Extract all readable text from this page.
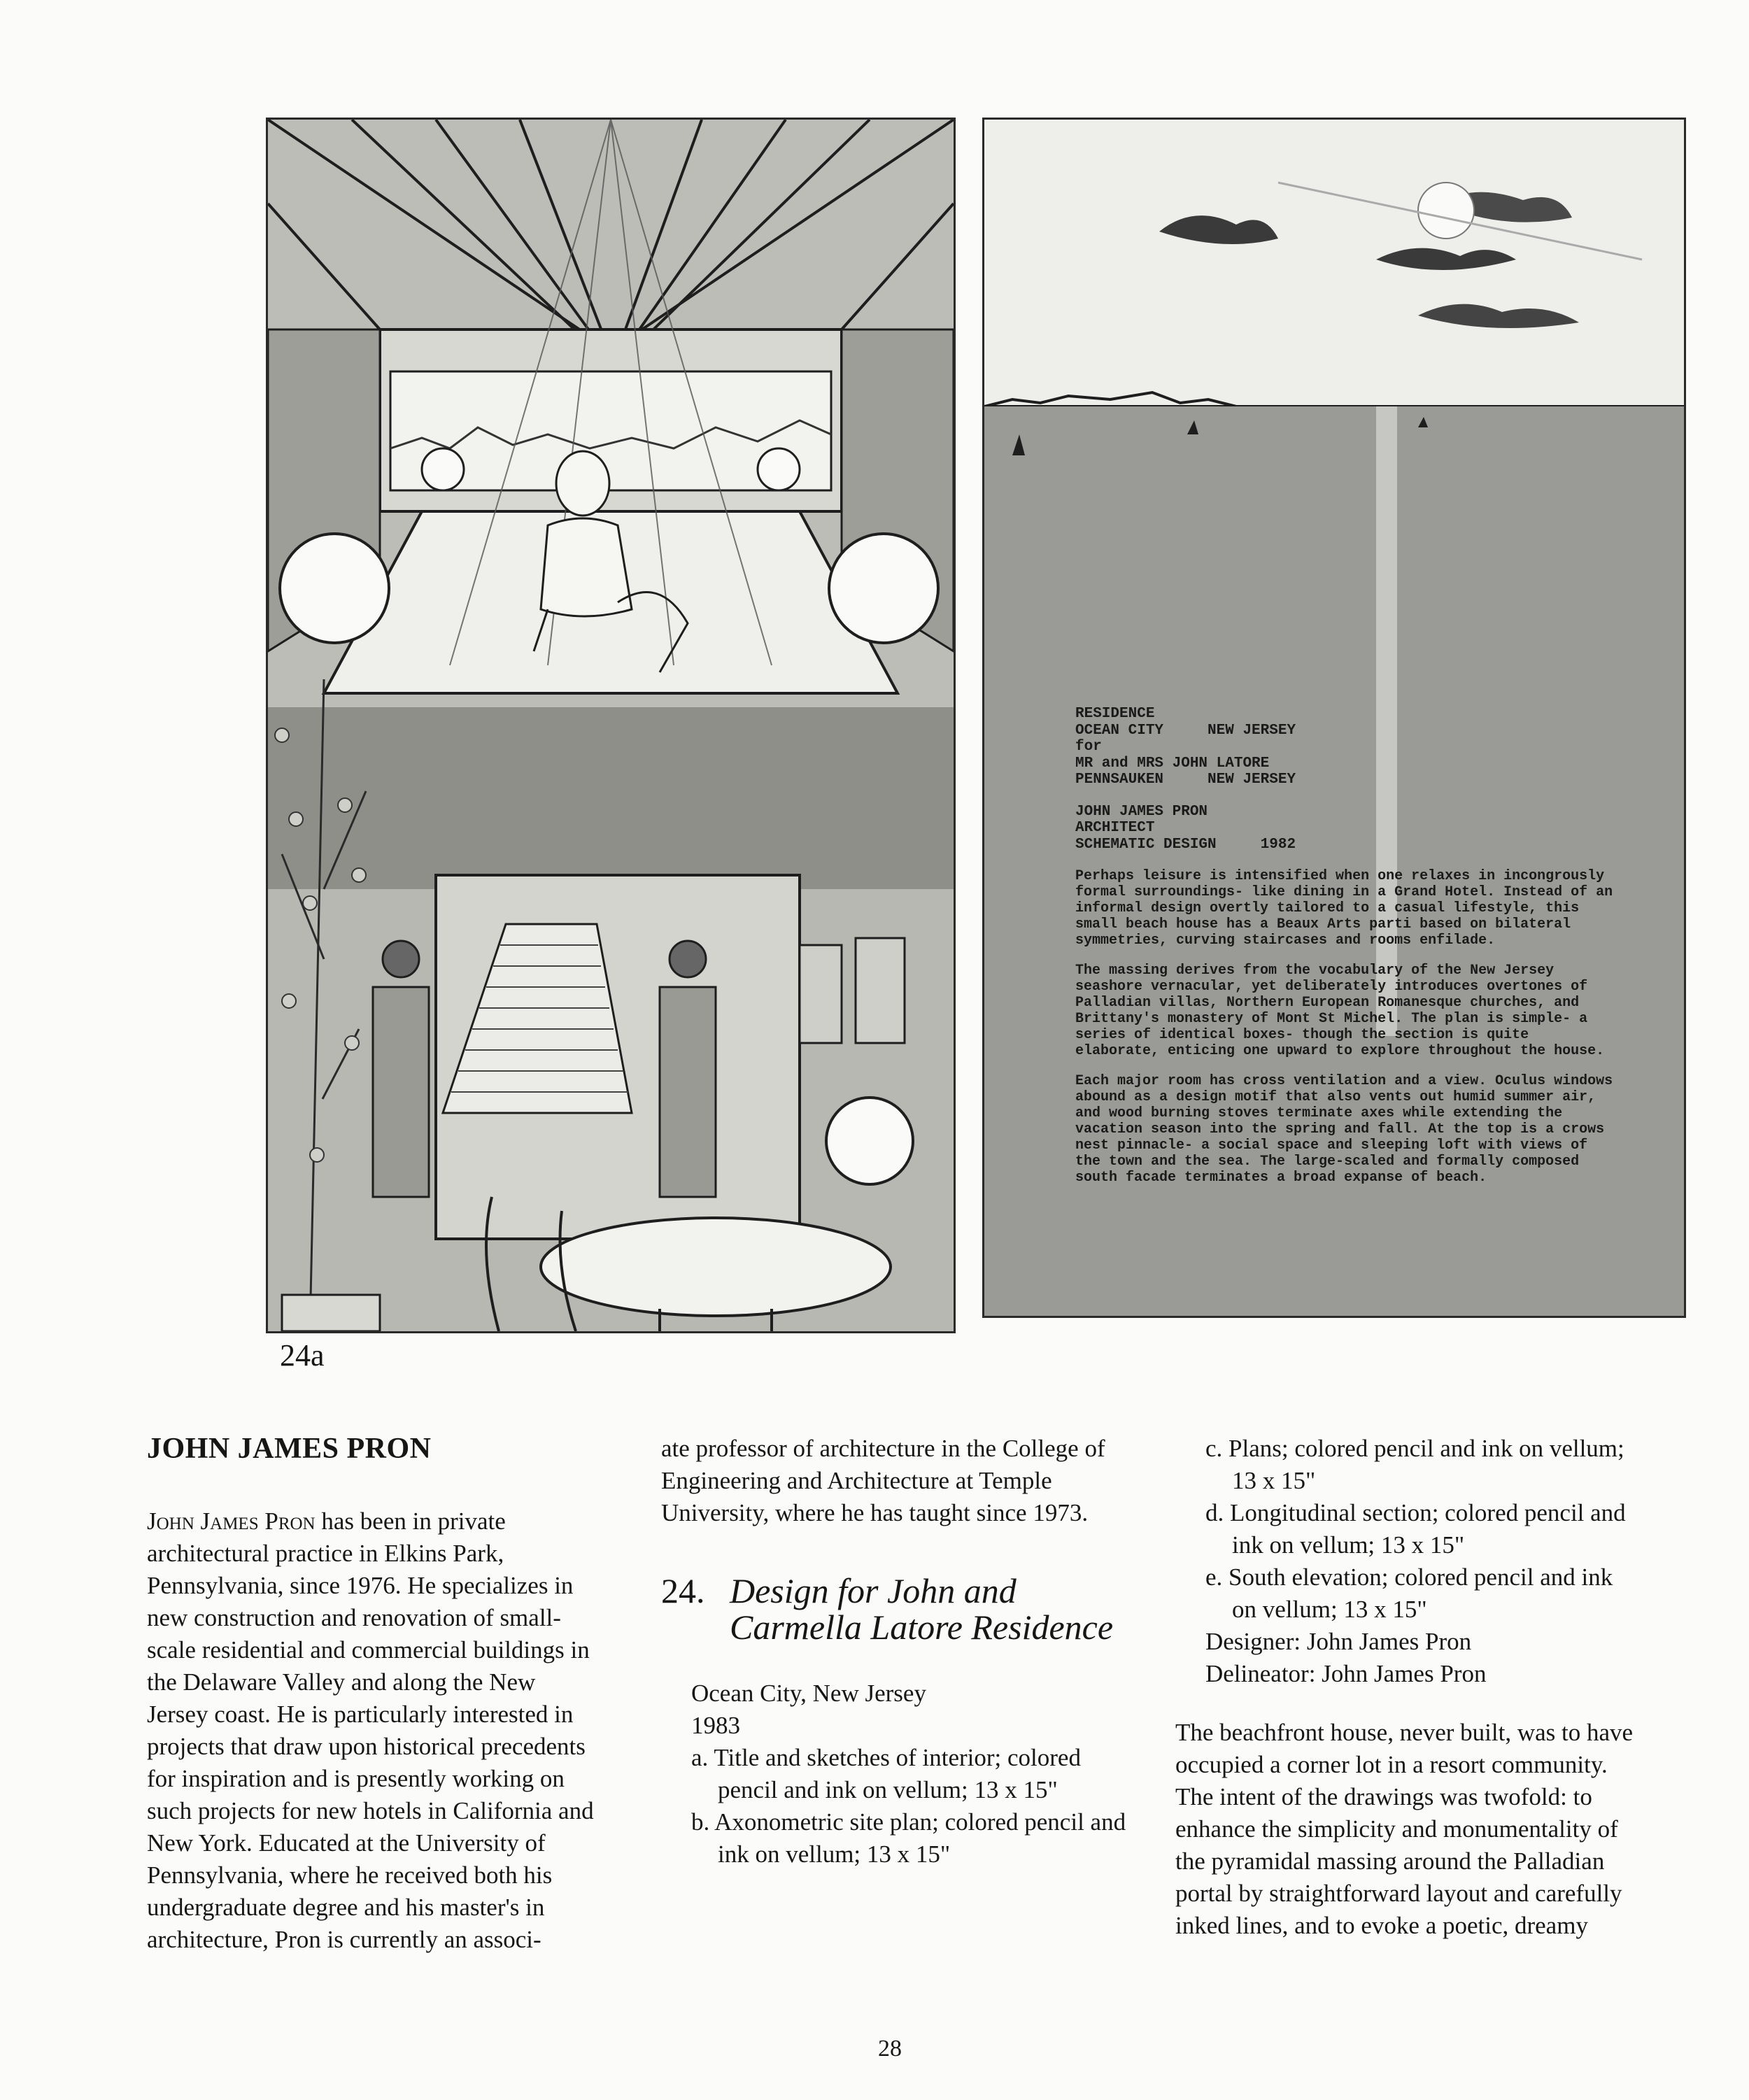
RESIDENCE
OCEAN CITY     NEW JERSEY
for
MR and MRS JOHN LATORE
PENNSAUKEN     NEW JERSEY
JOHN JAMES PRON
ARCHITECT
SCHEMATIC DESIGN     1982

Perhaps leisure is intensified when one relaxes in incongrously formal surroundings- like dining in a Grand Hotel. Instead of an informal design overtly tailored to a casual lifestyle, this small beach house has a Beaux Arts parti based on bilateral symmetries, curving staircases and rooms enfilade.

The massing derives from the vocabulary of the New Jersey seashore vernacular, yet deliberately introduces overtones of Palladian villas, Northern European Romanesque churches, and Brittany's monastery of Mont St Michel. The plan is simple- a series of identical boxes- though the section is quite elaborate, enticing one upward to explore throughout the house.

Each major room has cross ventilation and a view. Oculus windows abound as a design motif that also vents out humid summer air, and wood burning stoves terminate axes while extending the vacation season into the spring and fall. At the top is a crows nest pinnacle- a social space and sleeping loft with views of the town and the sea. The large-scaled and formally composed south facade terminates a broad expanse of beach.

24a
JOHN JAMES PRON
John James Pron has been in private architectural practice in Elkins Park, Pennsylvania, since 1976. He specializes in new construction and renovation of small-scale residential and commercial buildings in the Delaware Valley and along the New Jersey coast. He is particularly interested in projects that draw upon historical precedents for inspiration and is presently working on such projects for new hotels in California and New York. Educated at the University of Pennsylvania, where he received both his undergraduate degree and his master's in architecture, Pron is currently an associ-
ate professor of architecture in the College of Engineering and Architecture at Temple University, where he has taught since 1973.
24. Design for John and Carmella Latore Residence
Ocean City, New Jersey
1983
a. Title and sketches of interior; colored pencil and ink on vellum; 13 x 15"
b. Axonometric site plan; colored pencil and ink on vellum; 13 x 15"
c. Plans; colored pencil and ink on vellum; 13 x 15"
d. Longitudinal section; colored pencil and ink on vellum; 13 x 15"
e. South elevation; colored pencil and ink on vellum; 13 x 15"
Designer: John James Pron
Delineator: John James Pron
The beachfront house, never built, was to have occupied a corner lot in a resort community. The intent of the drawings was twofold: to enhance the simplicity and monumentality of the pyramidal massing around the Palladian portal by straightforward layout and carefully inked lines, and to evoke a poetic, dreamy
28
